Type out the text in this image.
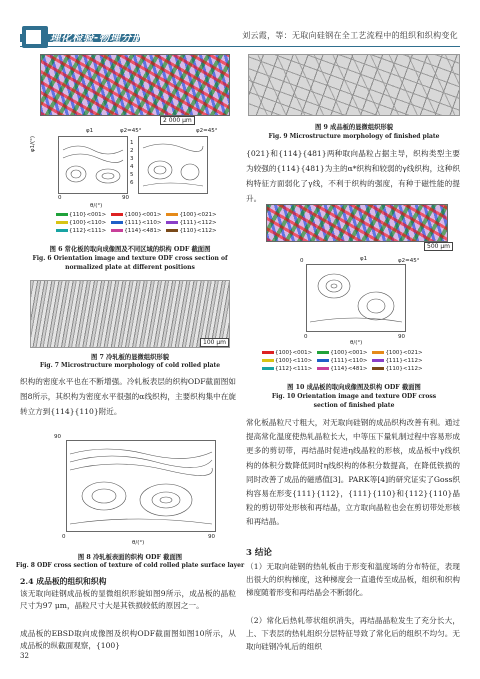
理化检验-物理分册	刘云霞，等：无取向硅钢在全工艺流程中的组织和织构变化
2 000 μm
φ1	φ2=45°	φ2=45°
φ1/(°)	1
2
3
4
5
6
0	90
θ/(°)
{110}<001>	{100}<001>	{100}<021>
{100}<110>	{111}<110>	{111}<112>
{112}<111>	{114}<481>	{110}<112>
图 6 常化板的取向成像图及不同区域的织构 ODF 截面图
Fig. 6 Orientation image and texture ODF cross section of normalized plate at different positions
100 μm
图 7 冷轧板的显微组织形貌
Fig. 7 Microstructure morphology of cold rolled plate
织构的密度水平也在不断增强。冷轧板表层的织构ODF截面图如图8所示，其织构为密度水平很强的α线织构，主要织构集中在旋转立方到{114}{110}附近。
90
0	90
θ/(°)
图 8 冷轧板表面的织构 ODF 截面图
Fig. 8 ODF cross section of texture of cold rolled plate surface layer
2.4 成品板的组织和织构
该无取向硅钢成品板的显微组织形貌如图9所示，成品板的晶粒尺寸为97 μm，晶粒尺寸大是其铁损较低的原因之一。
成品板的EBSD取向成像图及织构ODF截面图如图10所示，从成品板的纵截面观察，{100}
32
图 9 成品板的显微组织形貌
Fig. 9 Microstructure morphology of finished plate
{021}和{114}{481}两种取向晶粒占据主导，织构类型主要为较强的{114}{481}为主的α*织构和较弱的γ线织构，这种织构特征方面弱化了γ线，不利于织构的强度，有种于磁性能的提升。
500 μm
φ1	φ2=45°
0
0	90
θ/(°)
{100}<001>	{100}<001>	{100}<021>
{100}<110>	{111}<110>	{111}<112>
{112}<111>	{114}<481>	{110}<112>
图 10 成品板的取向成像图及织构 ODF 截面图
Fig. 10 Orientation image and texture ODF cross
section of finished plate
常化板晶粒尺寸粗大，对无取向硅钢的成品织构改善有利。通过提高常化温度使热轧晶粒长大，中等压下量轧制过程中容易形成更多的剪切带，再结晶时促进η线晶粒的形核，成品板中γ线织构的体积分数降低同时η线织构的体积分数提高，在降低铁损的同时改善了成品的磁感值[3]。PARK等[4]的研究证实了Goss织构容易在形变{111}{112}，{111}{110}和{112}{110}晶粒的剪切带处形核和再结晶，立方取向晶粒也会在剪切带处形核和再结晶。
3 结论
（1）无取向硅钢的热轧板由于形变和温度场的分布特征，表现出很大的织构梯度，这种梯度会一直遗传至成品板，组织和织构梯度随着形变和再结晶会不断弱化。
（2）常化后热轧带状组织消失，再结晶晶粒发生了充分长大，上、下表层的热轧组织分层特征导致了常化后的组织不均匀。无取向硅钢冷轧后的组织
